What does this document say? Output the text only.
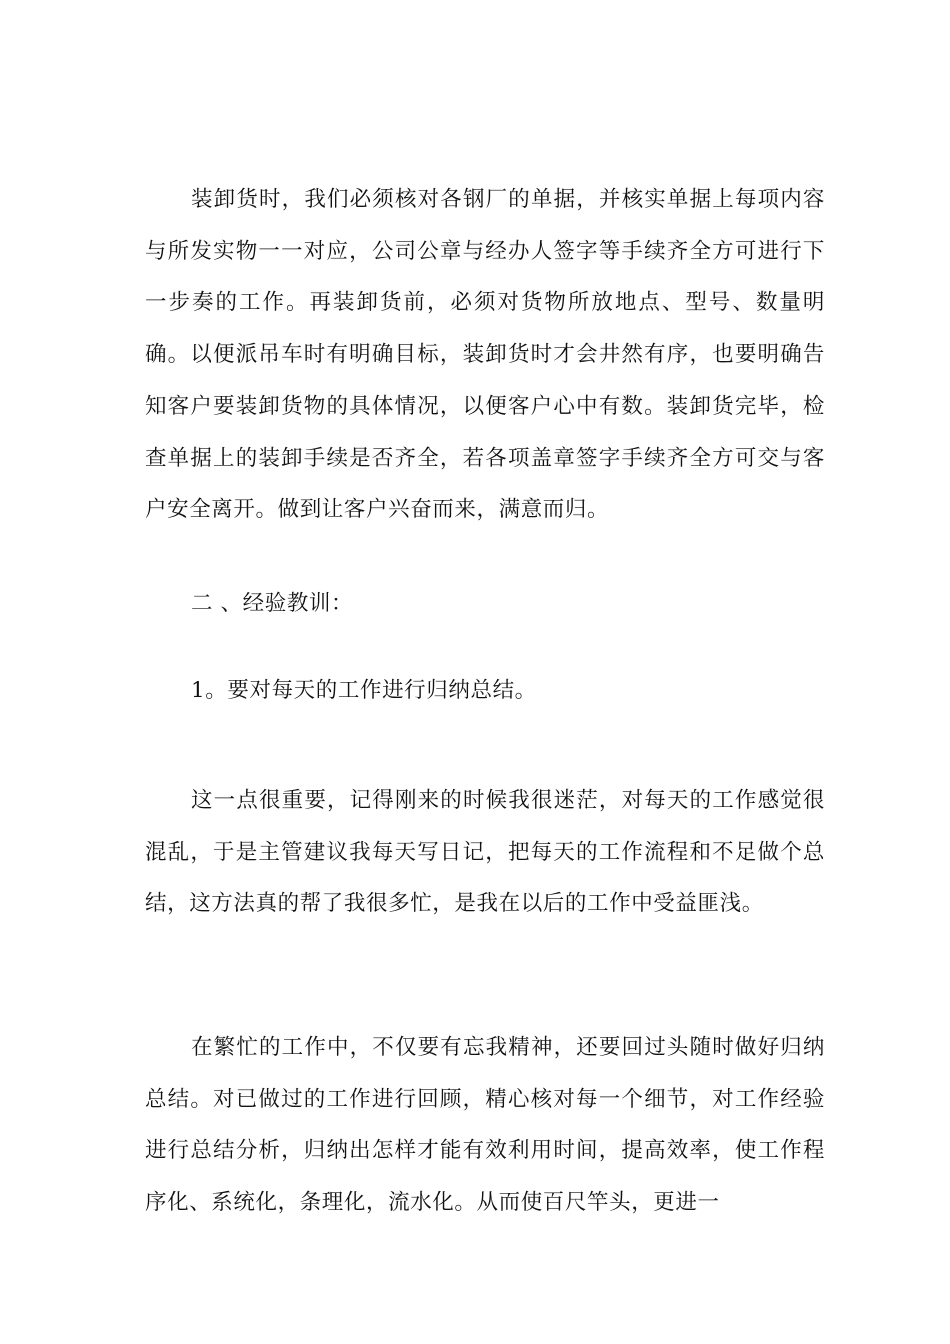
装卸货时，我们必须核对各钢厂的单据，并核实单据上每项内容与所发实物一一对应，公司公章与经办人签字等手续齐全方可进行下一步奏的工作。再装卸货前，必须对货物所放地点、型号、数量明确。以便派吊车时有明确目标，装卸货时才会井然有序，也要明确告知客户要装卸货物的具体情况，以便客户心中有数。装卸货完毕，检查单据上的装卸手续是否齐全，若各项盖章签字手续齐全方可交与客户安全离开。做到让客户兴奋而来，满意而归。

二 、经验教训：

1。要对每天的工作进行归纳总结。

这一点很重要，记得刚来的时候我很迷茫，对每天的工作感觉很混乱，于是主管建议我每天写日记，把每天的工作流程和不足做个总结，这方法真的帮了我很多忙，是我在以后的工作中受益匪浅。

在繁忙的工作中，不仅要有忘我精神，还要回过头随时做好归纳总结。对已做过的工作进行回顾，精心核对每一个细节，对工作经验进行总结分析，归纳出怎样才能有效利用时间，提高效率，使工作程序化、系统化，条理化，流水化。从而使百尺竿头，更进一
